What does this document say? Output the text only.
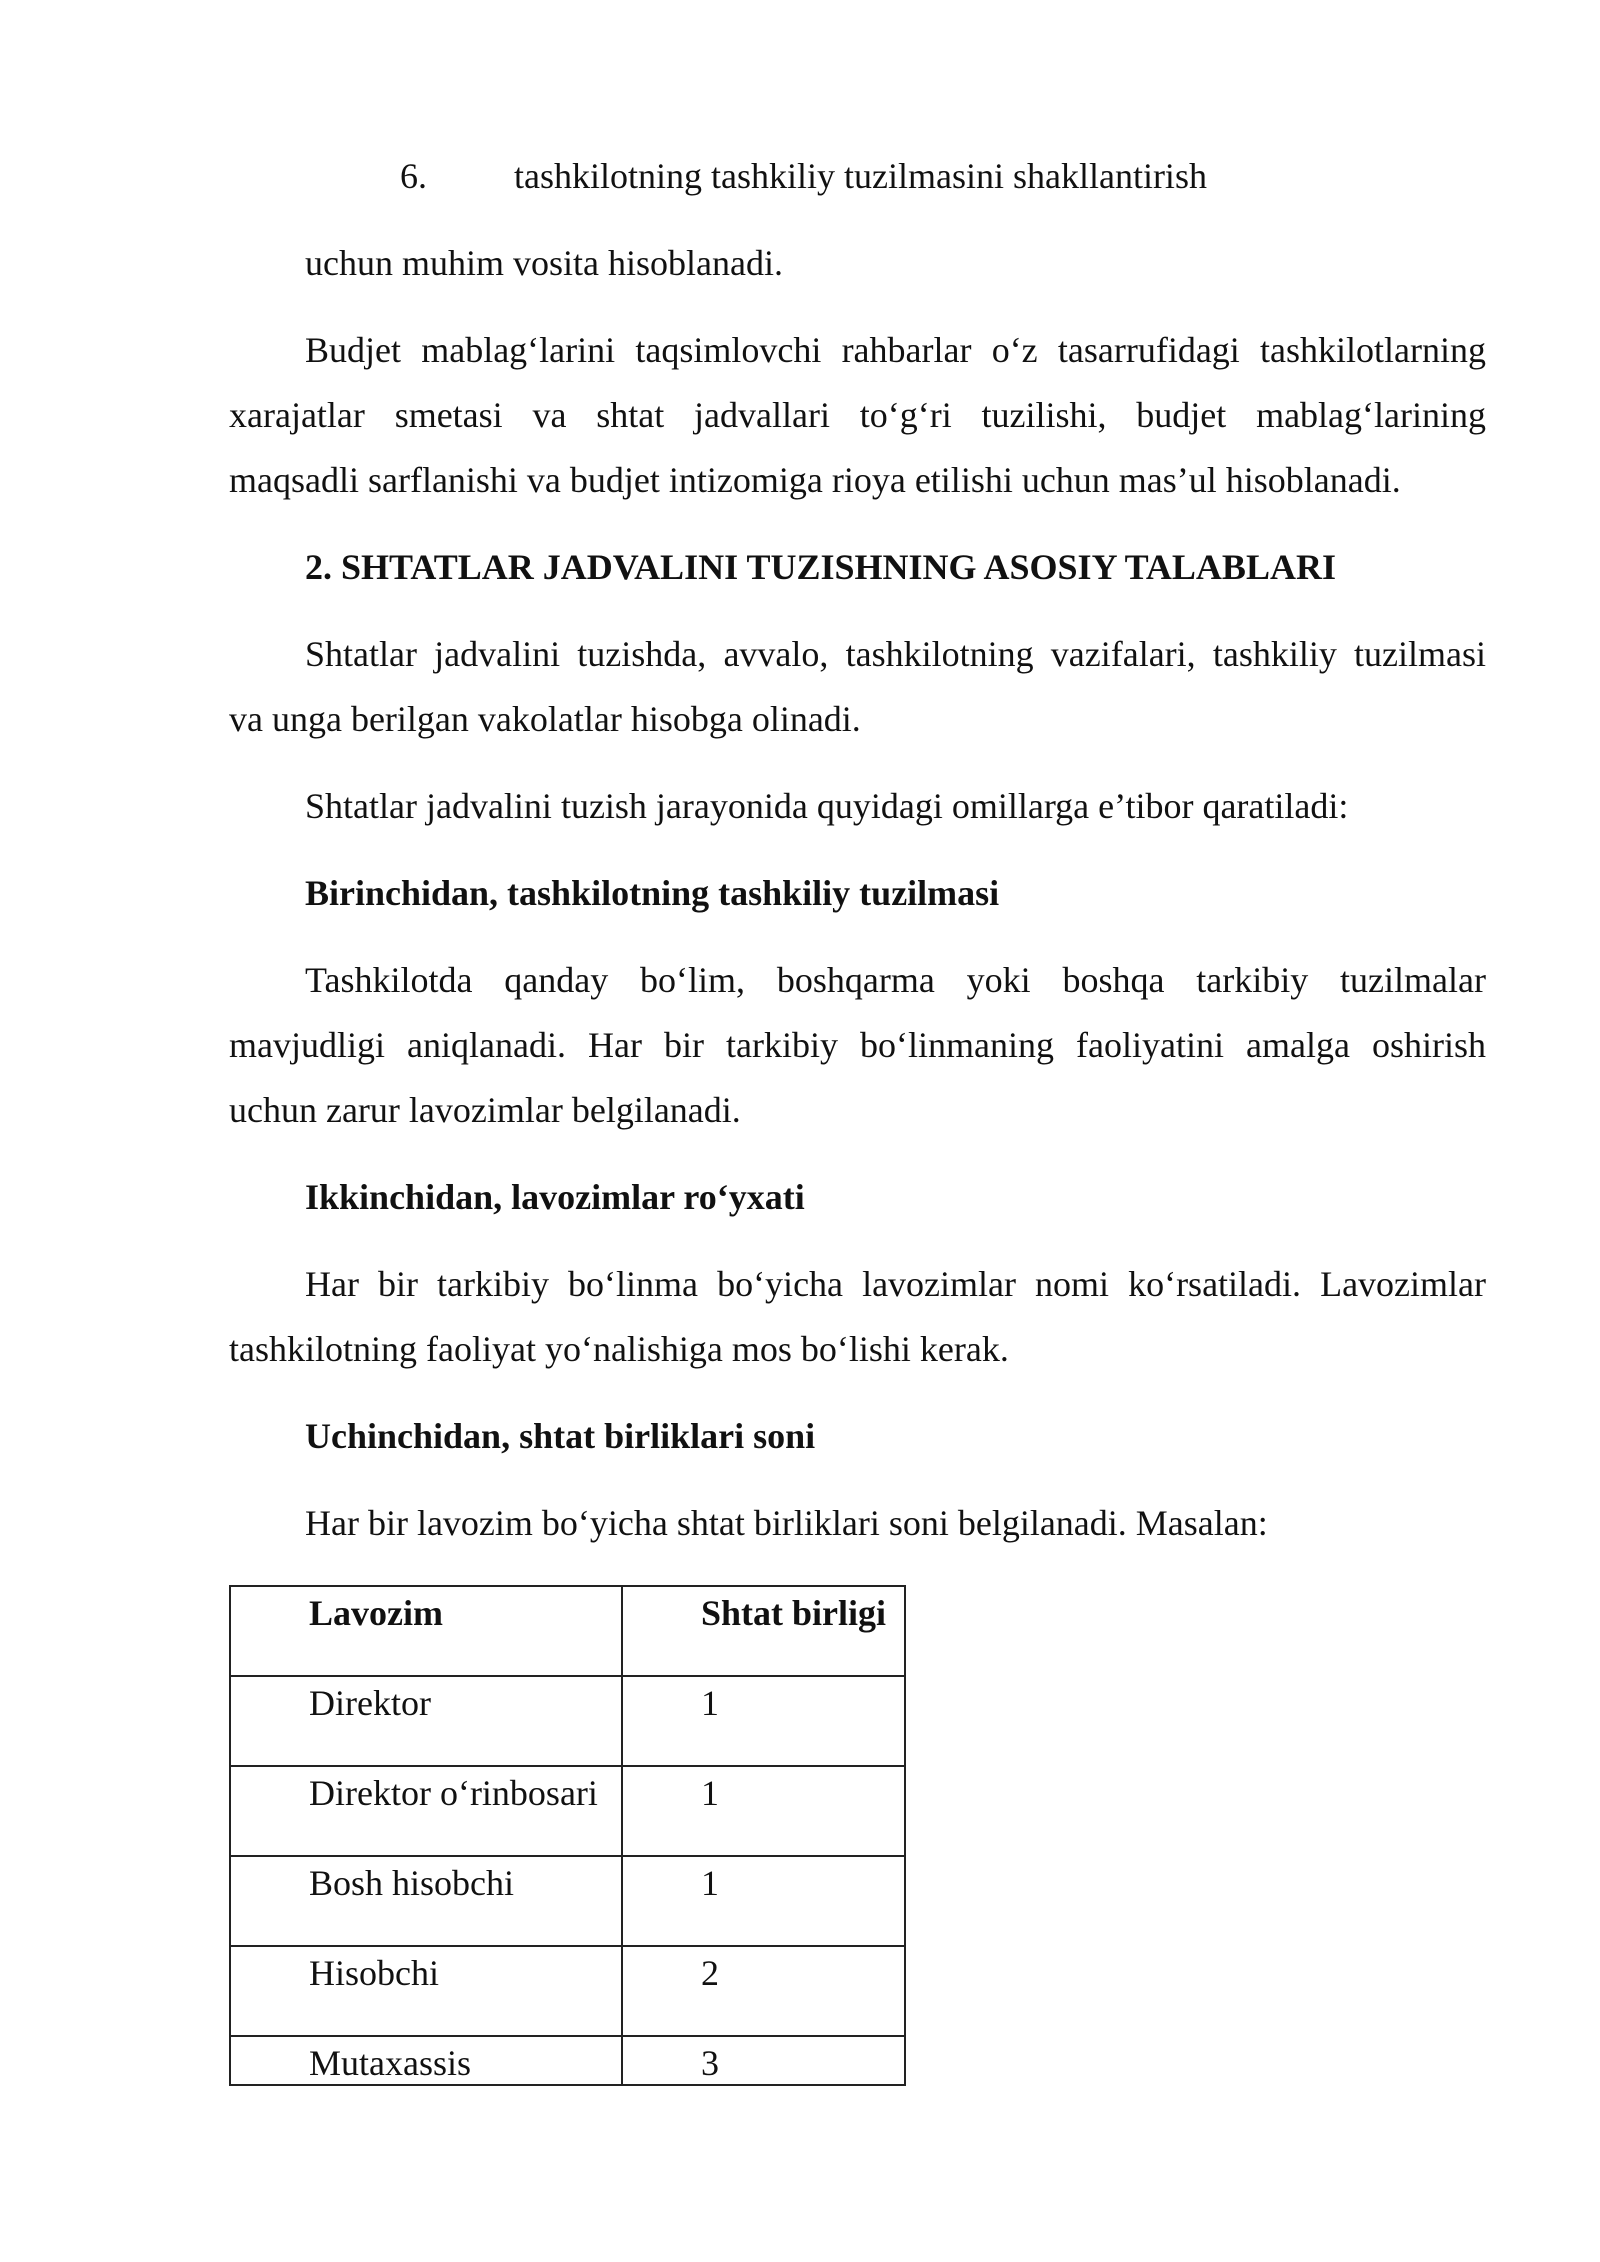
6. tashkilotning tashkiliy tuzilmasini shakllantirish
uchun muhim vosita hisoblanadi.
Budjet mablag‘larini taqsimlovchi rahbarlar o‘z tasarrufidagi tashkilotlarning
xarajatlar smetasi va shtat jadvallari to‘g‘ri tuzilishi, budjet mablag‘larining
maqsadli sarflanishi va budjet intizomiga rioya etilishi uchun mas’ul hisoblanadi.
2. SHTATLAR JADVALINI TUZISHNING ASOSIY TALABLARI
Shtatlar jadvalini tuzishda, avvalo, tashkilotning vazifalari, tashkiliy tuzilmasi
va unga berilgan vakolatlar hisobga olinadi.
Shtatlar jadvalini tuzish jarayonida quyidagi omillarga e’tibor qaratiladi:
Birinchidan, tashkilotning tashkiliy tuzilmasi
Tashkilotda qanday bo‘lim, boshqarma yoki boshqa tarkibiy tuzilmalar
mavjudligi aniqlanadi. Har bir tarkibiy bo‘linmaning faoliyatini amalga oshirish
uchun zarur lavozimlar belgilanadi.
Ikkinchidan, lavozimlar ro‘yxati
Har bir tarkibiy bo‘linma bo‘yicha lavozimlar nomi ko‘rsatiladi. Lavozimlar
tashkilotning faoliyat yo‘nalishiga mos bo‘lishi kerak.
Uchinchidan, shtat birliklari soni
Har bir lavozim bo‘yicha shtat birliklari soni belgilanadi. Masalan:
Lavozim	Shtat birligi
Direktor	1
Direktor o‘rinbosari	1
Bosh hisobchi	1
Hisobchi	2
Mutaxassis	3
